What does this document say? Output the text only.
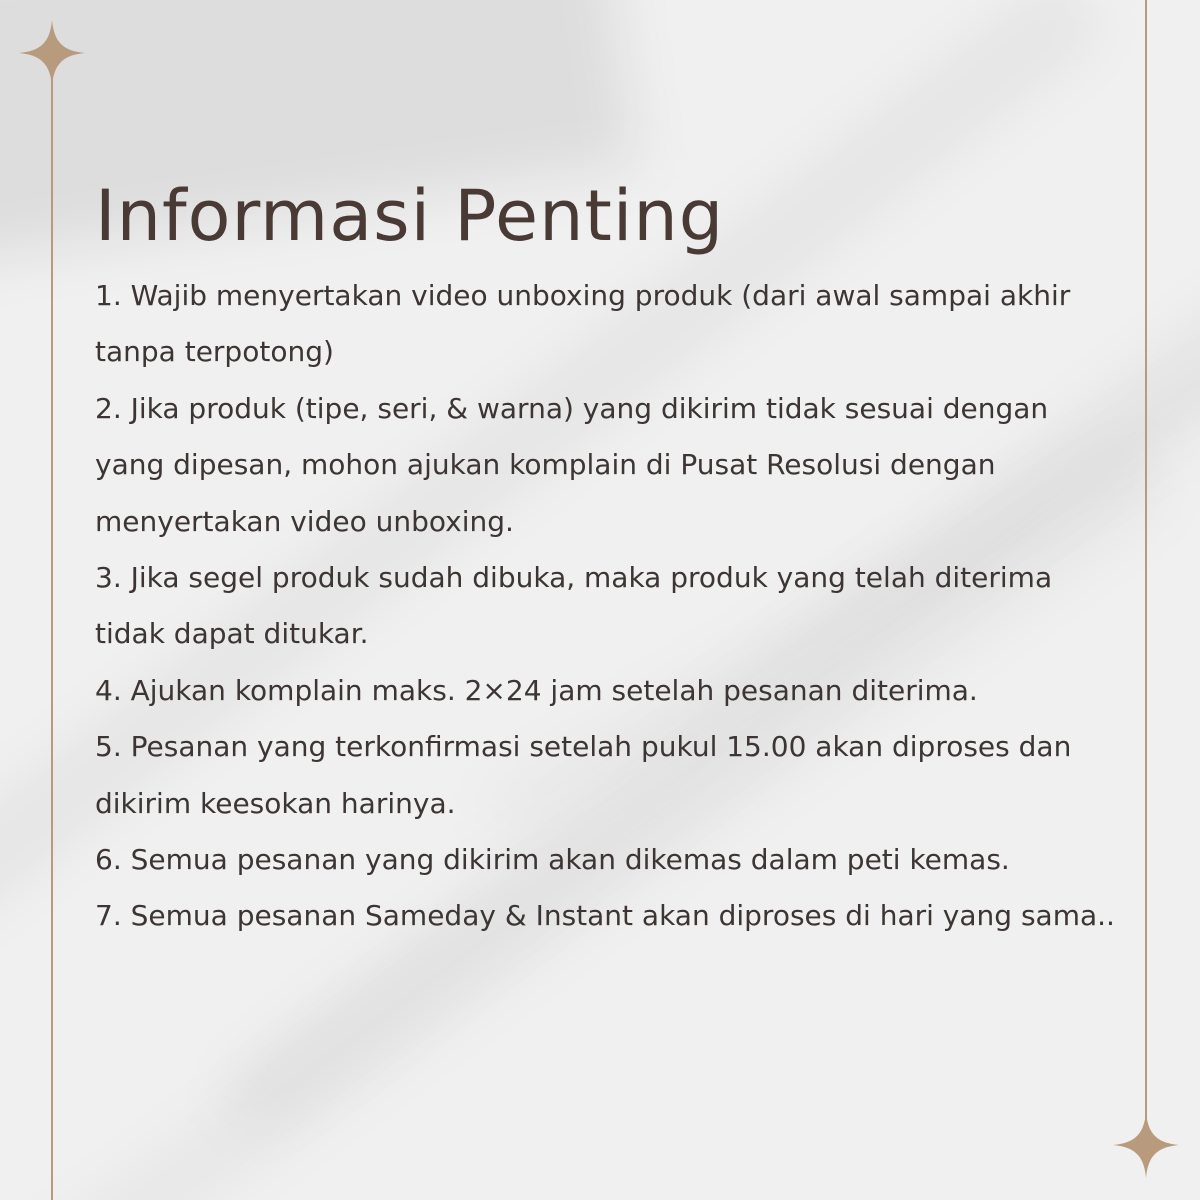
Informasi Penting
1. Wajib menyertakan video unboxing produk (dari awal sampai akhir tanpa terpotong)
2. Jika produk (tipe, seri, & warna) yang dikirim tidak sesuai dengan yang dipesan, mohon ajukan komplain di Pusat Resolusi dengan menyertakan video unboxing.
3. Jika segel produk sudah dibuka, maka produk yang telah diterima tidak dapat ditukar.
4. Ajukan komplain maks. 2×24 jam setelah pesanan diterima.
5. Pesanan yang terkonfirmasi setelah pukul 15.00 akan diproses dan dikirim keesokan harinya.
6. Semua pesanan yang dikirim akan dikemas dalam peti kemas.
7. Semua pesanan Sameday & Instant akan diproses di hari yang sama..
